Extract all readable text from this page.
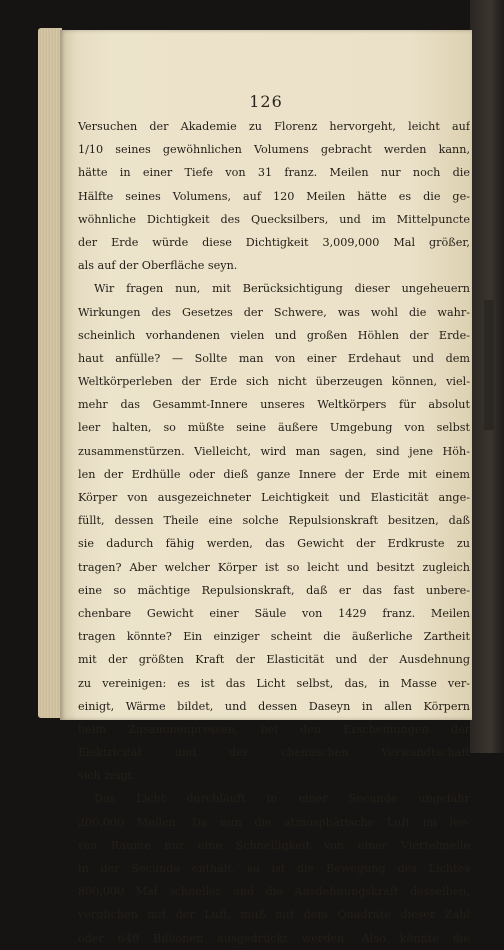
126
Versuchen der Akademie zu Florenz hervorgeht, leicht auf
1/10 seines gewöhnlichen Volumens gebracht werden kann,
hätte in einer Tiefe von 31 franz. Meilen nur noch die
Hälfte seines Volumens, auf 120 Meilen hätte es die ge-
wöhnliche Dichtigkeit des Quecksilbers, und im Mittelpuncte
der Erde würde diese Dichtigkeit 3,009,000 Mal größer,
als auf der Oberfläche seyn.
Wir fragen nun, mit Berücksichtigung dieser ungeheuern
Wirkungen des Gesetzes der Schwere, was wohl die wahr-
scheinlich vorhandenen vielen und großen Höhlen der Erde-
haut anfülle? — Sollte man von einer Erdehaut und dem
Weltkörperleben der Erde sich nicht überzeugen können, viel-
mehr das Gesammt-Innere unseres Weltkörpers für absolut
leer halten, so müßte seine äußere Umgebung von selbst
zusammenstürzen. Vielleicht, wird man sagen, sind jene Höh-
len der Erdhülle oder dieß ganze Innere der Erde mit einem
Körper von ausgezeichneter Leichtigkeit und Elasticität ange-
füllt, dessen Theile eine solche Repulsionskraft besitzen, daß
sie dadurch fähig werden, das Gewicht der Erdkruste zu
tragen? Aber welcher Körper ist so leicht und besitzt zugleich
eine so mächtige Repulsionskraft, daß er das fast unbere-
chenbare Gewicht einer Säule von 1429 franz. Meilen
tragen könnte? Ein einziger scheint die äußerliche Zartheit
mit der größten Kraft der Elasticität und der Ausdehnung
zu vereinigen: es ist das Licht selbst, das, in Masse ver-
einigt, Wärme bildet, und dessen Daseyn in allen Körpern
beim Zusammenpressen, bei den Erscheinungen der
Elektricität und der chemischen Verwandtschaft
sich zeigt.
Das Licht durchläuft in einer Secunde ungefähr
200,000 Meilen. Da nun die atmosphärische Luft im lee-
ren Raume nur eine Schnelligkeit von einer Viertelmeile
in der Secunde enthält, so ist die Bewegung des Lichtes
800,000 Mal schneller und die Ausdehnungskraft desselben,
verglichen mit der Luft, muß mit dem Quadrate dieser Zahl
oder 640 Billionen ausgedrückt werden. Also könnte die
